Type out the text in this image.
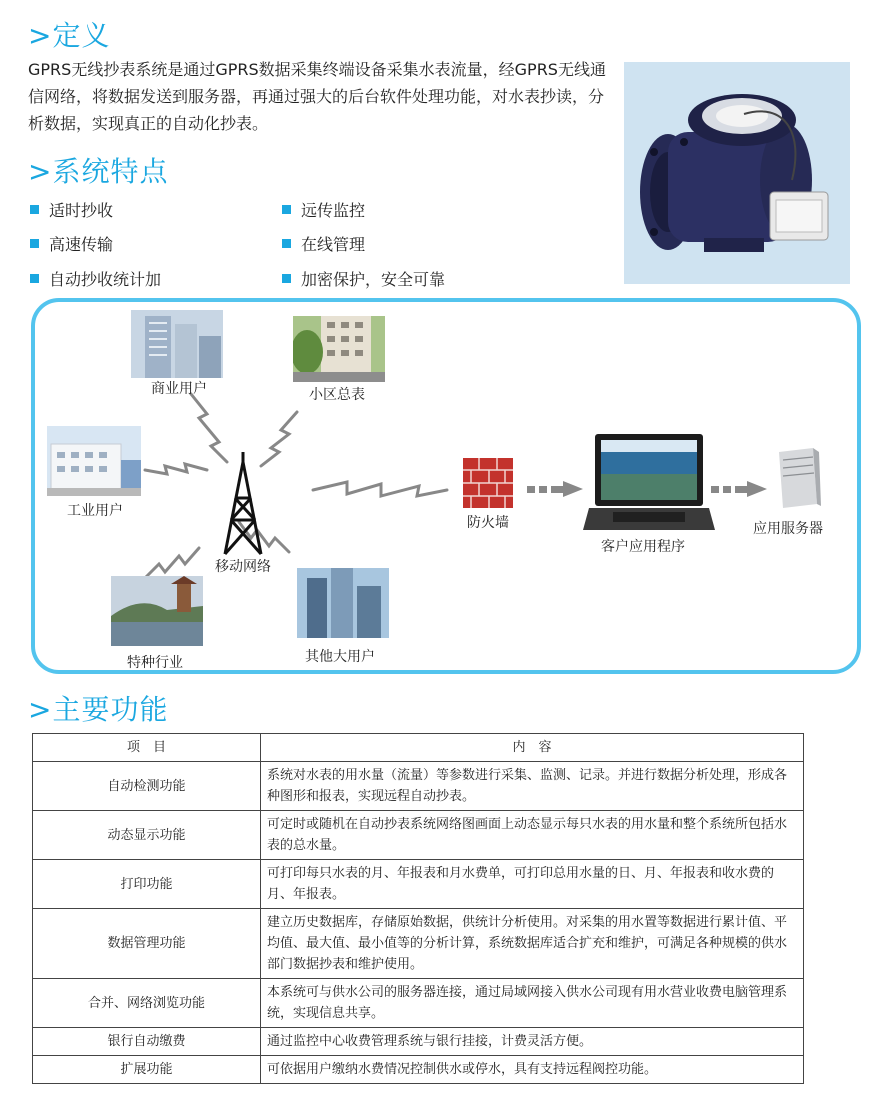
>定义
GPRS无线抄表系统是通过GPRS数据采集终端设备采集水表流量，经GPRS无线通信网络，将数据发送到服务器，再通过强大的后台软件处理功能，对水表抄读，分析数据，实现真正的自动化抄表。
>系统特点
适时抄收	远传监控
高速传输	在线管理
自动抄收统计加	加密保护，安全可靠
商业用户	小区总表
工业用户
移动网络
特种行业	其他大用户
防火墙
客户应用程序
应用服务器
>主要功能
项　目	内　容
自动检测功能	系统对水表的用水量（流量）等参数进行采集、监测、记录。并进行数据分析处理，形成各种图形和报表，实现远程自动抄表。
动态显示功能	可定时或随机在自动抄表系统网络图画面上动态显示每只水表的用水量和整个系统所包括水表的总水量。
打印功能	可打印每只水表的月、年报表和月水费单，可打印总用水量的日、月、年报表和收水费的月、年报表。
数据管理功能	建立历史数据库，存储原始数据，供统计分析使用。对采集的用水置等数据进行累计值、平均值、最大值、最小值等的分析计算，系统数据库适合扩充和维护，可满足各种规模的供水部门数据抄表和维护使用。
合并、网络浏览功能	本系统可与供水公司的服务器连接，通过局域网接入供水公司现有用水营业收费电脑管理系统，实现信息共享。
银行自动缴费	通过监控中心收费管理系统与银行挂接，计费灵活方便。
扩展功能	可依据用户缴纳水费情况控制供水或停水，具有支持远程阀控功能。
